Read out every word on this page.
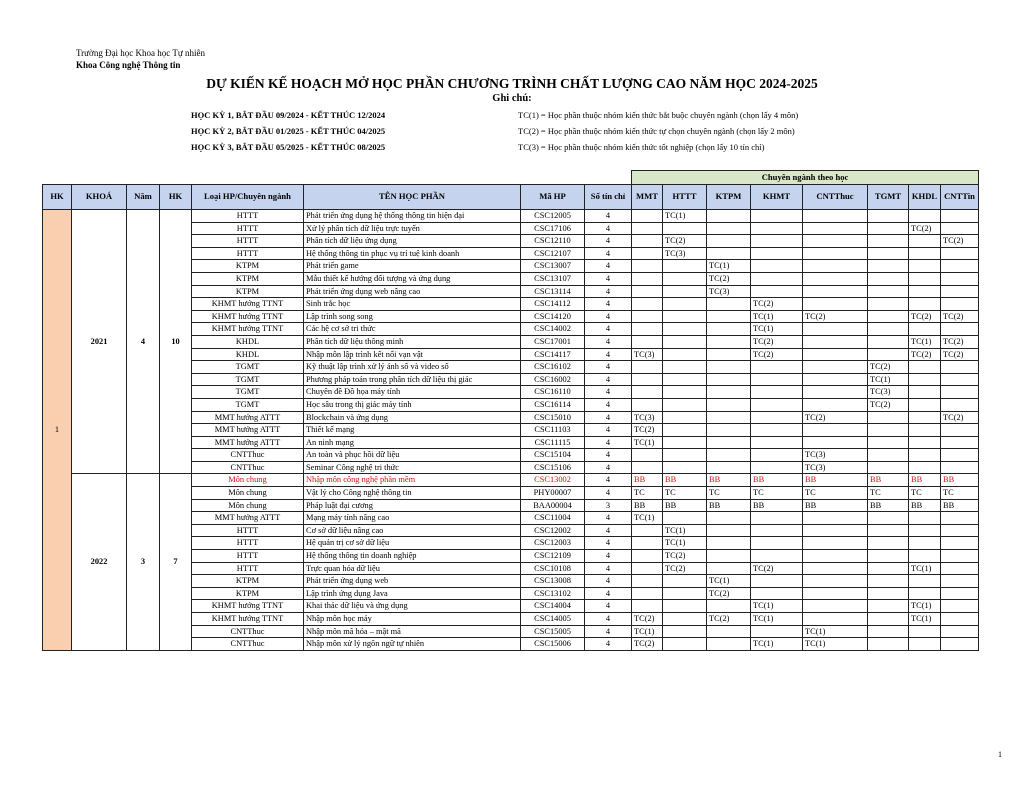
Trường Đại học Khoa học Tự nhiên
Khoa Công nghệ Thông tin
DỰ KIẾN KẾ HOẠCH MỞ HỌC PHẦN CHƯƠNG TRÌNH CHẤT LƯỢNG CAO NĂM HỌC 2024-2025
Ghi chú:
HỌC KỲ 1, BẮT ĐẦU 09/2024 - KẾT THÚC 12/2024
HỌC KỲ 2, BẮT ĐẦU 01/2025 - KẾT THÚC 04/2025
HỌC KỲ 3, BẮT ĐẦU 05/2025 - KẾT THÚC 08/2025
TC(1) = Học phần thuộc nhóm kiến thức bắt buộc chuyên ngành (chọn lấy 4 môn)
TC(2) = Học phần thuộc nhóm kiến thức tự chọn chuyên ngành (chọn lấy 2 môn)
TC(3) = Học phần thuộc nhóm kiến thức tốt nghiệp (chọn lấy 10 tín chỉ)
								Chuyên ngành theo học							
HK	KHOÁ	Năm	HK	Loại HP/Chuyên ngành	TÊN HỌC PHẦN	Mã HP	Số tín chỉ	MMT	HTTT	KTPM	KHMT	CNTThuc	TGMT	KHDL	CNTTin
1	2021	4	10	HTTT	Phát triển ứng dụng hệ thống thông tin hiện đại	CSC12005	4		TC(1)						
				HTTT	Xử lý phân tích dữ liệu trực tuyến	CSC17106	4							TC(2)	
				HTTT	Phân tích dữ liệu ứng dụng	CSC12110	4		TC(2)						TC(2)
				HTTT	Hệ thống thông tin phục vụ trí tuệ kinh doanh	CSC12107	4		TC(3)						
				KTPM	Phát triển game	CSC13007	4			TC(1)					
				KTPM	Mẫu thiết kế hướng đối tượng và ứng dụng	CSC13107	4			TC(2)					
				KTPM	Phát triển ứng dụng web nâng cao	CSC13114	4			TC(3)					
				KHMT hướng TTNT	Sinh trắc học	CSC14112	4				TC(2)				
				KHMT hướng TTNT	Lập trình song song	CSC14120	4				TC(1)	TC(2)		TC(2)	TC(2)
				KHMT hướng TTNT	Các hệ cơ sở tri thức	CSC14002	4				TC(1)				
				KHDL	Phân tích dữ liệu thông minh	CSC17001	4				TC(2)			TC(1)	TC(2)
				KHDL	Nhập môn lập trình kết nối vạn vật	CSC14117	4	TC(3)			TC(2)			TC(2)	TC(2)
				TGMT	Kỹ thuật lập trình xử lý ảnh số và video số	CSC16102	4						TC(2)		
				TGMT	Phương pháp toán trong phân tích dữ liệu thị giác	CSC16002	4						TC(1)		
				TGMT	Chuyên đề Đồ họa máy tính	CSC16110	4						TC(3)		
				TGMT	Học sâu trong thị giác máy tính	CSC16114	4						TC(2)		
				MMT hướng ATTT	Blockchain và ứng dụng	CSC15010	4	TC(3)				TC(2)			TC(2)
				MMT hướng ATTT	Thiết kế mạng	CSC11103	4	TC(2)							
				MMT hướng ATTT	An ninh mạng	CSC11115	4	TC(1)							
				CNTThuc	An toàn và phục hồi dữ liệu	CSC15104	4					TC(3)			
				CNTThuc	Seminar Công nghệ tri thức	CSC15106	4					TC(3)			
	2022	3	7	Môn chung	Nhập môn công nghệ phần mềm	CSC13002	4	BB	BB	BB	BB	BB	BB	BB	BB
				Môn chung	Vật lý cho Công nghệ thông tin	PHY00007	4	TC	TC	TC	TC	TC	TC	TC	TC
				Môn chung	Pháp luật đại cương	BAA00004	3	BB	BB	BB	BB	BB	BB	BB	BB
				MMT hướng ATTT	Mạng máy tính nâng cao	CSC11004	4	TC(1)							
				HTTT	Cơ sở dữ liệu nâng cao	CSC12002	4		TC(1)						
				HTTT	Hệ quản trị cơ sở dữ liệu	CSC12003	4		TC(1)						
				HTTT	Hệ thống thông tin doanh nghiệp	CSC12109	4		TC(2)						
				HTTT	Trực quan hóa dữ liệu	CSC10108	4		TC(2)		TC(2)			TC(1)	
				KTPM	Phát triển ứng dụng web	CSC13008	4			TC(1)					
				KTPM	Lập trình ứng dụng Java	CSC13102	4			TC(2)					
				KHMT hướng TTNT	Khai thác dữ liệu và ứng dụng	CSC14004	4				TC(1)			TC(1)	
				KHMT hướng TTNT	Nhập môn học máy	CSC14005	4	TC(2)		TC(2)	TC(1)			TC(1)	
				CNTThuc	Nhập môn mã hóa – mật mã	CSC15005	4	TC(1)				TC(1)			
				CNTThuc	Nhập môn xử lý ngôn ngữ tự nhiên	CSC15006	4	TC(2)			TC(1)	TC(1)			
1
